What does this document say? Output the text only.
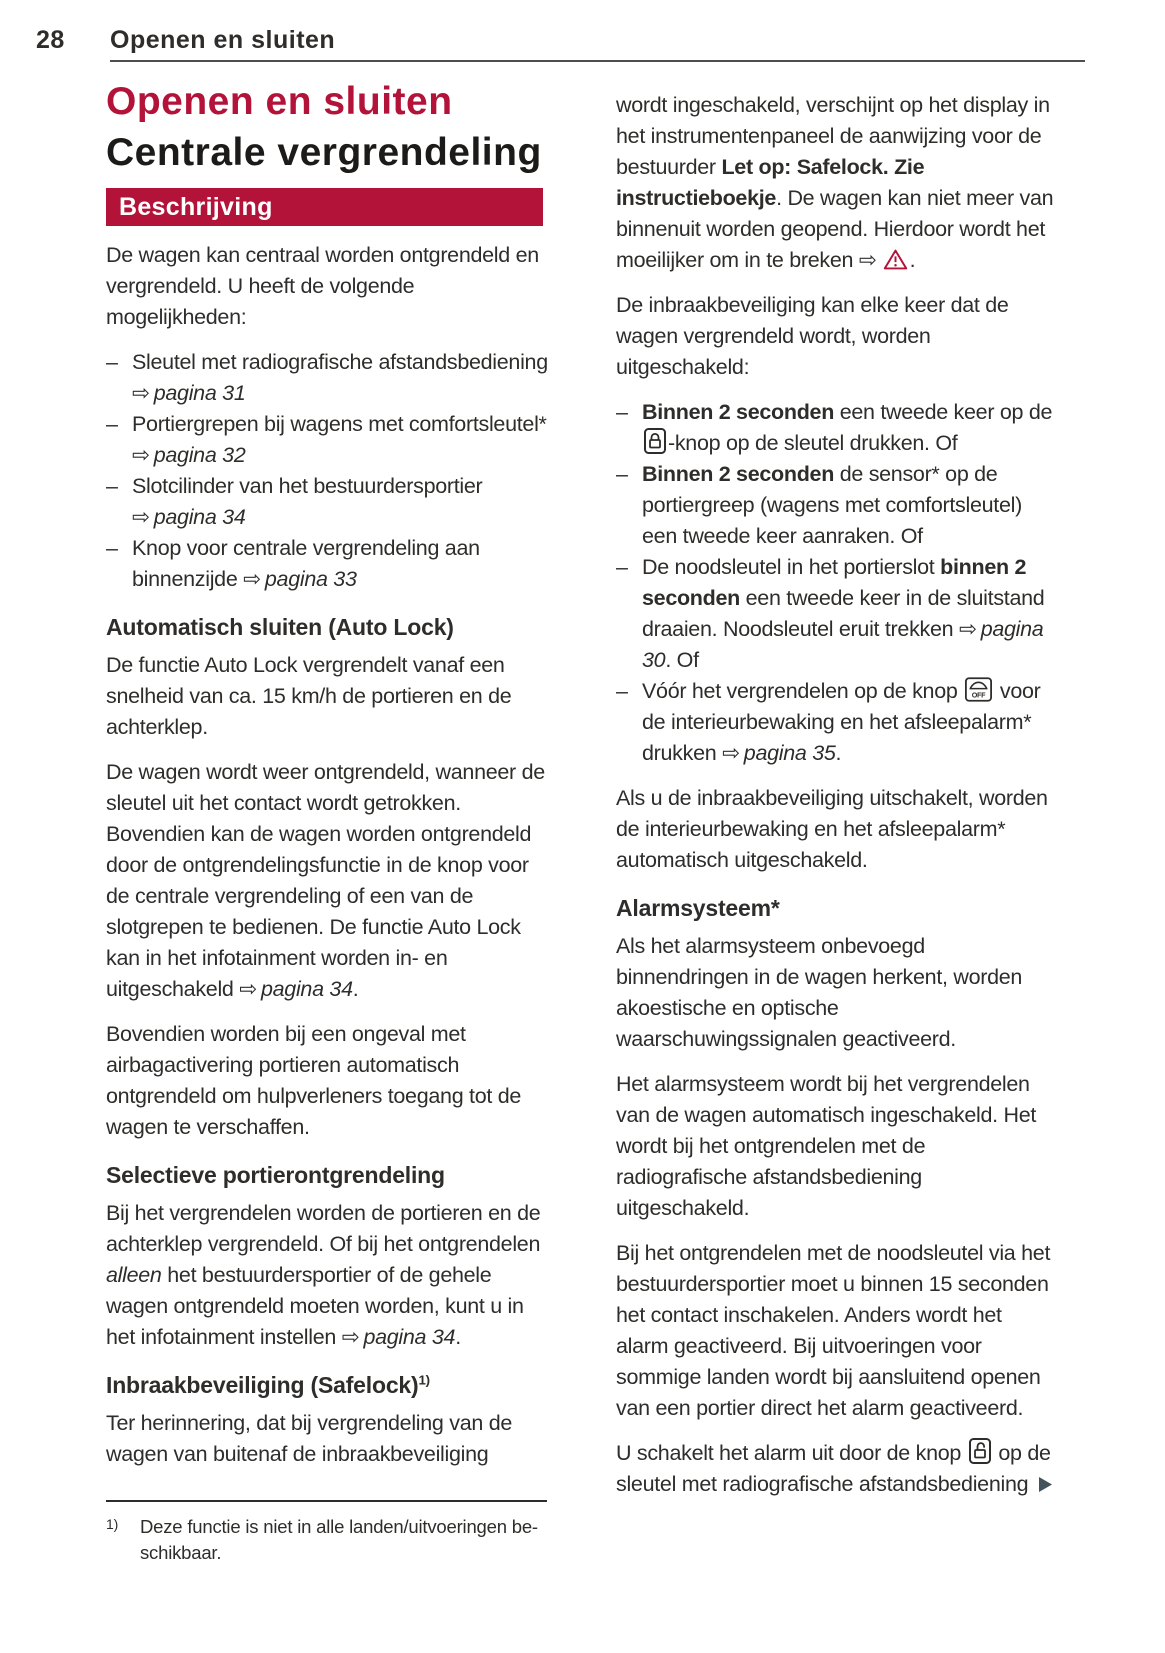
28 Openen en sluiten
Openen en sluiten
Centrale vergrendeling
Beschrijving

De wagen kan centraal worden ontgrendeld en vergrendeld. U heeft de volgende mogelijkheden:

– Sleutel met radiografische afstandsbediening ⇨ pagina 31
– Portiergrepen bij wagens met comfortsleutel* ⇨ pagina 32
– Slotcilinder van het bestuurdersportier ⇨ pagina 34
– Knop voor centrale vergrendeling aan binnenzijde ⇨ pagina 33
Automatisch sluiten (Auto Lock)

De functie Auto Lock vergrendelt vanaf een snelheid van ca. 15 km/h de portieren en de achterklep.

De wagen wordt weer ontgrendeld, wanneer de sleutel uit het contact wordt getrokken. Bovendien kan de wagen worden ontgrendeld door de ontgrendelingsfunctie in de knop voor de centrale vergrendeling of een van de slotgrepen te bedienen. De functie Auto Lock kan in het infotainment worden in- en uitgeschakeld ⇨ pagina 34.

Bovendien worden bij een ongeval met airbagactivering portieren automatisch ontgrendeld om hulpverleners toegang tot de wagen te verschaffen.

Selectieve portierontgrendeling

Bij het vergrendelen worden de portieren en de achterklep vergrendeld. Of bij het ontgrendelen alleen het bestuurdersportier of de gehele wagen ontgrendeld moeten worden, kunt u in het infotainment instellen ⇨ pagina 34.

Inbraakbeveiliging (Safelock)$^{1)}$

Ter herinnering, dat bij vergrendeling van de wagen van buitenaf de inbraakbeveiliging

wordt ingeschakeld, verschijnt op het display in het instrumentenpaneel de aanwijzing voor de bestuurder Let op: Safelock. Zie instructieboekje. De wagen kan niet meer van binnenuit worden geopend. Hierdoor wordt het moeilijker om in te breken ⇨ .

De inbraakbeveiliging kan elke keer dat de wagen vergrendeld wordt, worden uitgeschakeld:

– Binnen 2 seconden een tweede keer op de
-knop op de sleutel drukken. Of
– Binnen 2 seconden de sensor* op de portiergreep (wagens met comfortsleutel) een tweede keer aanraken. Of
– De noodsleutel in het portierslot binnen 2 seconden een tweede keer in de sluitstand draaien. Noodsleutel eruit trekken ⇨ pagina 30. Of
– Vóór het vergrendelen op de knop OFF voor de interieurbewaking en het afsleepalarm* drukken ⇨ pagina 35.

Als u de inbraakbeveiliging uitschakelt, worden de interieurbewaking en het afsleepalarm* automatisch uitgeschakeld.

Alarmsysteem*

Als het alarmsysteem onbevoegd binnendringen in de wagen herkent, worden akoestische en optische waarschuwingssignalen geactiveerd.

Het alarmsysteem wordt bij het vergrendelen van de wagen automatisch ingeschakeld. Het wordt bij het ontgrendelen met de radiografische afstandsbediening uitgeschakeld.

Bij het ontgrendelen met de noodsleutel via het bestuurdersportier moet u binnen 15 seconden het contact inschakelen. Anders wordt het alarm geactiveerd. Bij uitvoeringen voor sommige landen wordt bij aansluitend openen van een portier direct het alarm geactiveerd.

U schakelt het alarm uit door de knop
op de sleutel met radiografische afstandsbediening

1)	Deze functie is niet in alle landen/uitvoeringen be-
schikbaar.
